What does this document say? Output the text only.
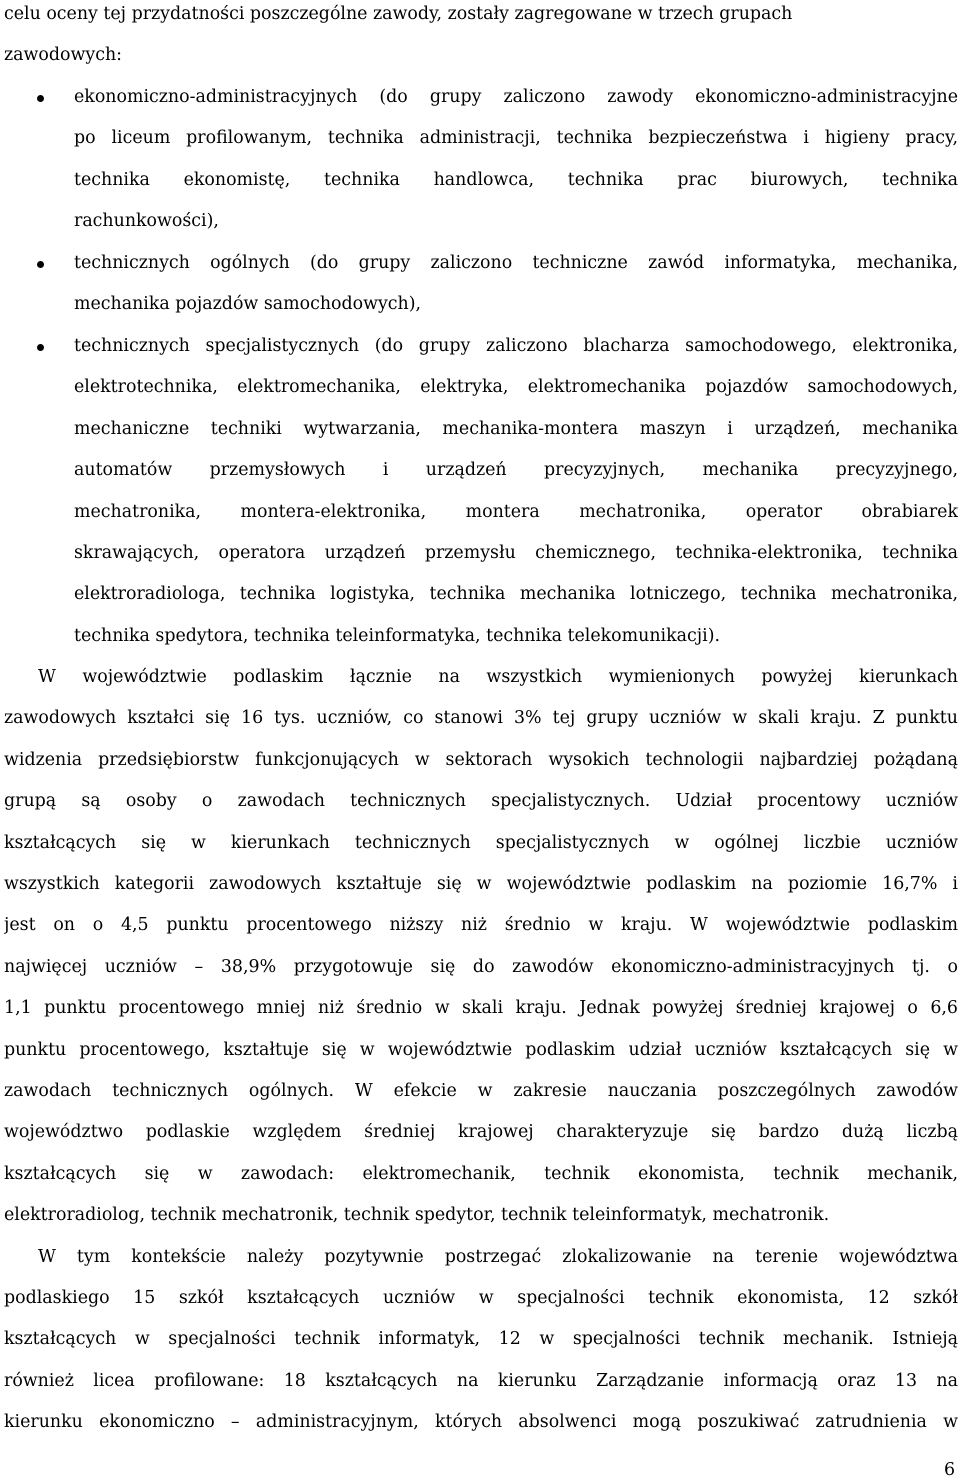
celu oceny tej przydatności poszczególne zawody, zostały zagregowane w trzech grupach
zawodowych:
ekonomiczno-administracyjnych (do grupy zaliczono zawody ekonomiczno-administracyjne
po liceum profilowanym, technika administracji, technika bezpieczeństwa i higieny pracy,
technika ekonomistę, technika handlowca, technika prac biurowych, technika
rachunkowości),
technicznych ogólnych (do grupy zaliczono techniczne zawód informatyka, mechanika,
mechanika pojazdów samochodowych),
technicznych specjalistycznych (do grupy zaliczono blacharza samochodowego, elektronika,
elektrotechnika, elektromechanika, elektryka, elektromechanika pojazdów samochodowych,
mechaniczne techniki wytwarzania, mechanika-montera maszyn i urządzeń, mechanika
automatów przemysłowych i urządzeń precyzyjnych, mechanika precyzyjnego,
mechatronika, montera-elektronika, montera mechatronika, operator obrabiarek
skrawających, operatora urządzeń przemysłu chemicznego, technika-elektronika, technika
elektroradiologa, technika logistyka, technika mechanika lotniczego, technika mechatronika,
technika spedytora, technika teleinformatyka, technika telekomunikacji).
W województwie podlaskim łącznie na wszystkich wymienionych powyżej kierunkach
zawodowych kształci się 16 tys. uczniów, co stanowi 3% tej grupy uczniów w skali kraju. Z punktu
widzenia przedsiębiorstw funkcjonujących w sektorach wysokich technologii najbardziej pożądaną
grupą są osoby o zawodach technicznych specjalistycznych. Udział procentowy uczniów
kształcących się w kierunkach technicznych specjalistycznych w ogólnej liczbie uczniów
wszystkich kategorii zawodowych kształtuje się w województwie podlaskim na poziomie 16,7% i
jest on o 4,5 punktu procentowego niższy niż średnio w kraju. W województwie podlaskim
najwięcej uczniów – 38,9% przygotowuje się do zawodów ekonomiczno-administracyjnych tj. o
1,1 punktu procentowego mniej niż średnio w skali kraju. Jednak powyżej średniej krajowej o 6,6
punktu procentowego, kształtuje się w województwie podlaskim udział uczniów kształcących się w
zawodach technicznych ogólnych. W efekcie w zakresie nauczania poszczególnych zawodów
województwo podlaskie względem średniej krajowej charakteryzuje się bardzo dużą liczbą
kształcących się w zawodach: elektromechanik, technik ekonomista, technik mechanik,
elektroradiolog, technik mechatronik, technik spedytor, technik teleinformatyk, mechatronik.
W tym kontekście należy pozytywnie postrzegać zlokalizowanie na terenie województwa
podlaskiego 15 szkół kształcących uczniów w specjalności technik ekonomista, 12 szkół
kształcących w specjalności technik informatyk, 12 w specjalności technik mechanik. Istnieją
również licea profilowane: 18 kształcących na kierunku Zarządzanie informacją oraz 13 na
kierunku ekonomiczno – administracyjnym, których absolwenci mogą poszukiwać zatrudnienia w
6
